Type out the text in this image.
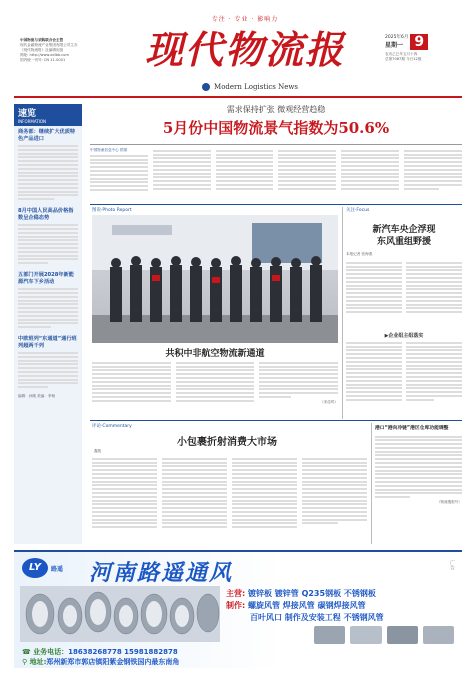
中国物流与采购联合会主管
现代金融物流产业集团有限公司主办
《现代物流报》社编辑出版
网址: http://www.xdlbb.com
国内统一刊号: CN 11-0051
专注 · 专业 · 影响力
现代物流报
Modern Logistics News
2025年6月
星期一 9
农历乙巳年五月十四
总第7067期 今日12版
速览
INFORMATION
商务部：继续扩大优质特色产品进口
8月中国人民高品价格指数呈企稳态势
五部门开展2028年新能源汽车下乡活动
中欧班列“东通道”通行班列超两千列
编辑：孙刚 美编：李杨
需求保持扩张 微观经营趋稳
5月份中国物流景气指数为50.6%
中国物流信息中心 供图
图说·Photo Report
共积中非航空物流新通道
（宋佳鸣）
关注·Focus
新汽车央企浮现
东风重组野援
本报记者 张海燕
▶企业组主组落实
评论·Commentary
小包裹折射消费大市场
鑫陵
港口“港向冷链”港区仓库功能调整
（物流搜报号）
LY	路遥 河南路遥通风	广告
主营: 镀锌板 镀锌管 Q235钢板 不锈钢板
制作: 螺旋风管 焊接风管 碳钢焊接风管
百叶风口 制作及安装工程 不锈钢风管
☎ 业务电话：18638268778 15981882878
⚲ 地址:郑州新郑市郭店镇阳紫金钢铁国内最东南角
